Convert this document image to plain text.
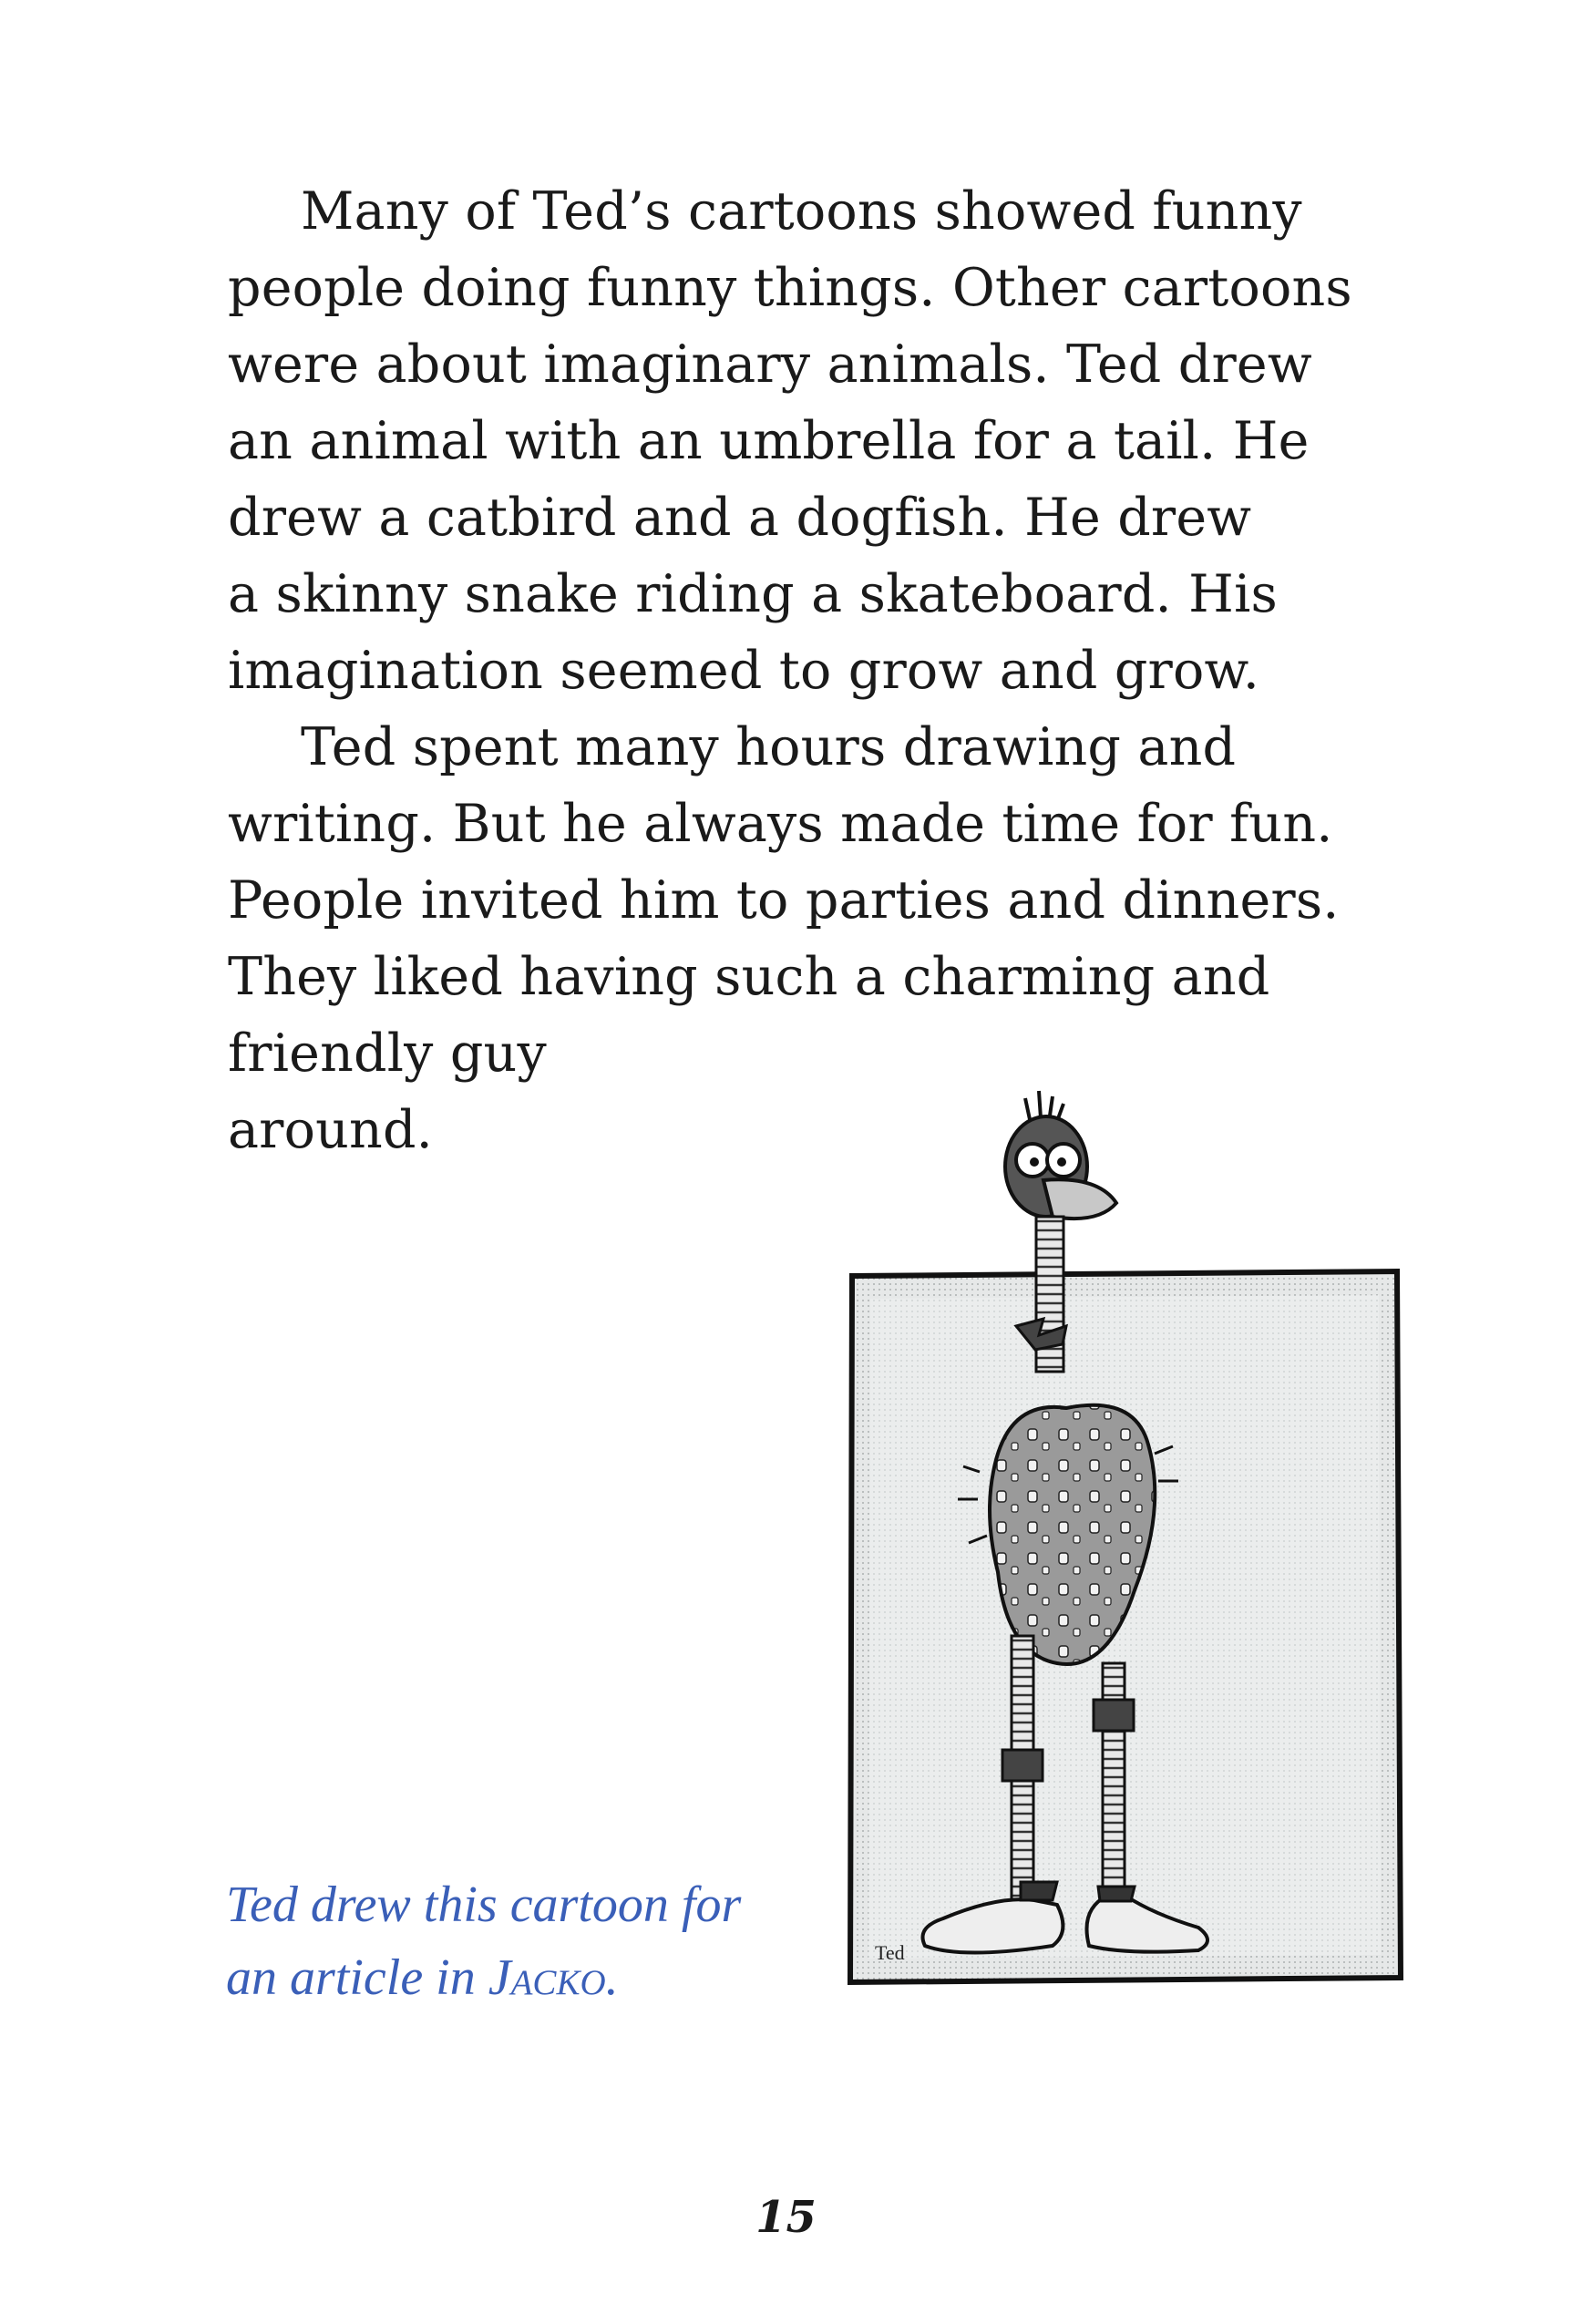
Many of Ted’s cartoons showed funny
people doing funny things. Other cartoons
were about imaginary animals. Ted drew
an animal with an umbrella for a tail. He
drew a catbird and a dogfish. He drew
a skinny snake riding a skateboard. His
imagination seemed to grow and grow.
Ted spent many hours drawing and
writing. But he always made time for fun.
People invited him to parties and dinners.
They liked having such a charming and
friendly guy
around.
Ted drew this cartoon for
an article in Jacko.	Ted
15
